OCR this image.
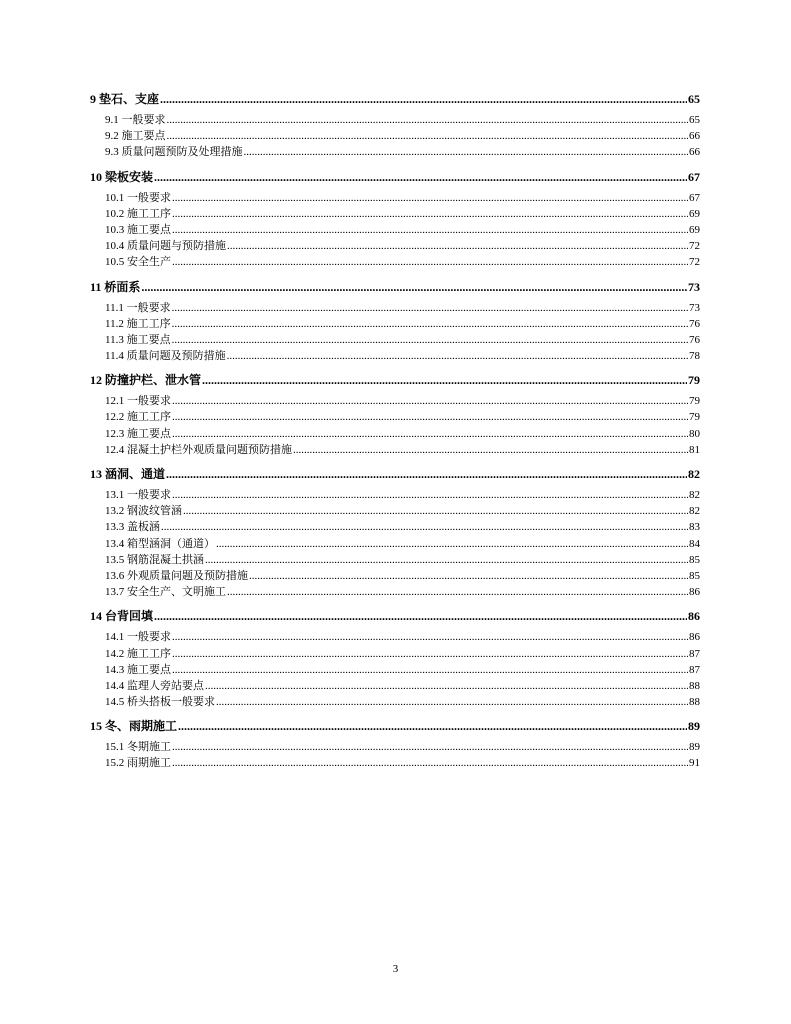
9 垫石、支座 .....	65
9.1 一般要求 .....	65
9.2 施工要点 .....	66
9.3 质量问题预防及处理措施 .....	66
10 梁板安装 .....	67
10.1 一般要求 .....	67
10.2 施工工序 .....	69
10.3 施工要点 .....	69
10.4 质量问题与预防措施 .....	72
10.5 安全生产 .....	72
11 桥面系 .....	73
11.1 一般要求 .....	73
11.2 施工工序 .....	76
11.3 施工要点 .....	76
11.4 质量问题及预防措施 .....	78
12 防撞护栏、泄水管 .....	79
12.1 一般要求 .....	79
12.2 施工工序 .....	79
12.3 施工要点 .....	80
12.4 混凝土护栏外观质量问题预防措施 .....	81
13 涵洞、通道 .....	82
13.1 一般要求 .....	82
13.2 钢波纹管涵 .....	82
13.3 盖板涵 .....	83
13.4 箱型涵洞（通道） .....	84
13.5 钢筋混凝土拱涵 .....	85
13.6 外观质量问题及预防措施 .....	85
13.7 安全生产、文明施工 .....	86
14 台背回填 .....	86
14.1 一般要求 .....	86
14.2 施工工序 .....	87
14.3 施工要点 .....	87
14.4 监理人旁站要点 .....	88
14.5 桥头搭板一般要求 .....	88
15 冬、雨期施工 .....	89
15.1 冬期施工 .....	89
15.2 雨期施工 .....	91
3
